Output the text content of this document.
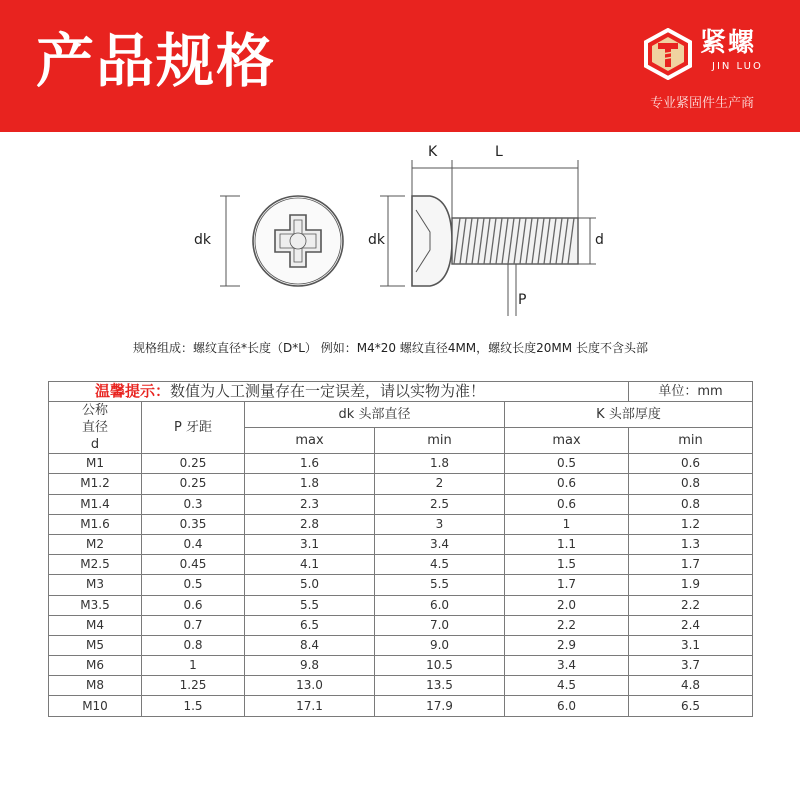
产品规格	紧螺
JIN LUO
专业紧固件生产商
dk	dk
K	L
d
P
规格组成：螺纹直径*长度（D*L） 例如：M4*20 螺纹直径4MM，螺纹长度20MM 长度不含头部
温馨提示：数值为人工测量存在一定误差，请以实物为准！					单位：mm

公称
直径
d	P 牙距	dk 头部直径		K 头部厚度	
		max	min	max	min
M1	0.25	1.6	1.8	0.5	0.6
M1.2	0.25	1.8	2	0.6	0.8
M1.4	0.3	2.3	2.5	0.6	0.8
M1.6	0.35	2.8	3	1	1.2
M2	0.4	3.1	3.4	1.1	1.3
M2.5	0.45	4.1	4.5	1.5	1.7
M3	0.5	5.0	5.5	1.7	1.9
M3.5	0.6	5.5	6.0	2.0	2.2
M4	0.7	6.5	7.0	2.2	2.4
M5	0.8	8.4	9.0	2.9	3.1
M6	1	9.8	10.5	3.4	3.7
M8	1.25	13.0	13.5	4.5	4.8
M10	1.5	17.1	17.9	6.0	6.5
